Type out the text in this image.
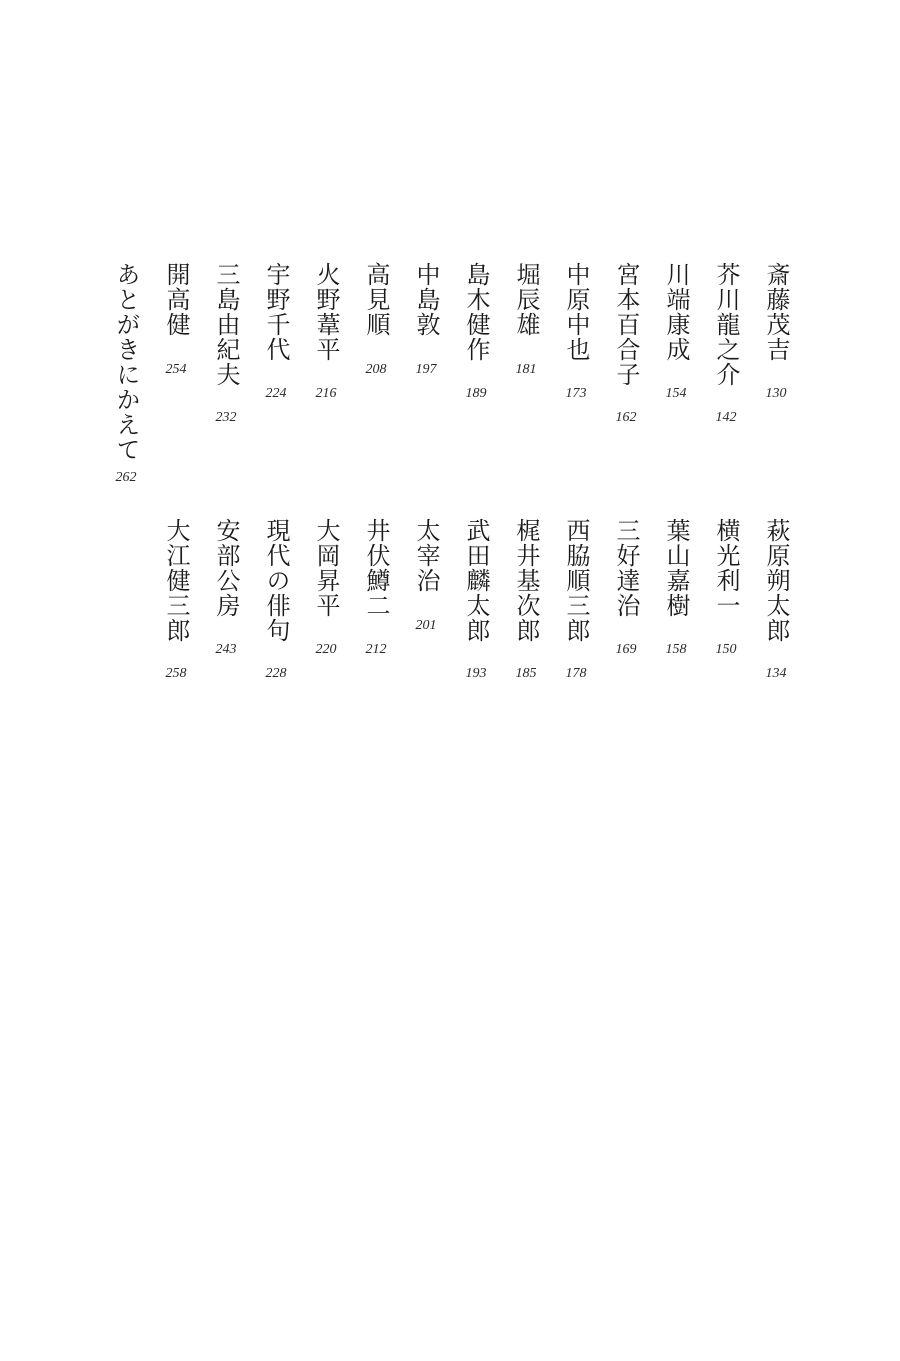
斎藤茂吉
130
芥川龍之介
142
川端康成
154
宮本百合子
162
中原中也
173
堀辰雄
181
島木健作
189
中島敦
197
高見順
208
火野葦平
216
宇野千代
224
三島由紀夫
232
開高健
254
あとがきにかえて
262
萩原朔太郎
134
横光利一
150
葉山嘉樹
158
三好達治
169
西脇順三郎
178
梶井基次郎
185
武田麟太郎
193
太宰治
201
井伏鱒二
212
大岡昇平
220
現代の俳句
228
安部公房
243
大江健三郎
258
